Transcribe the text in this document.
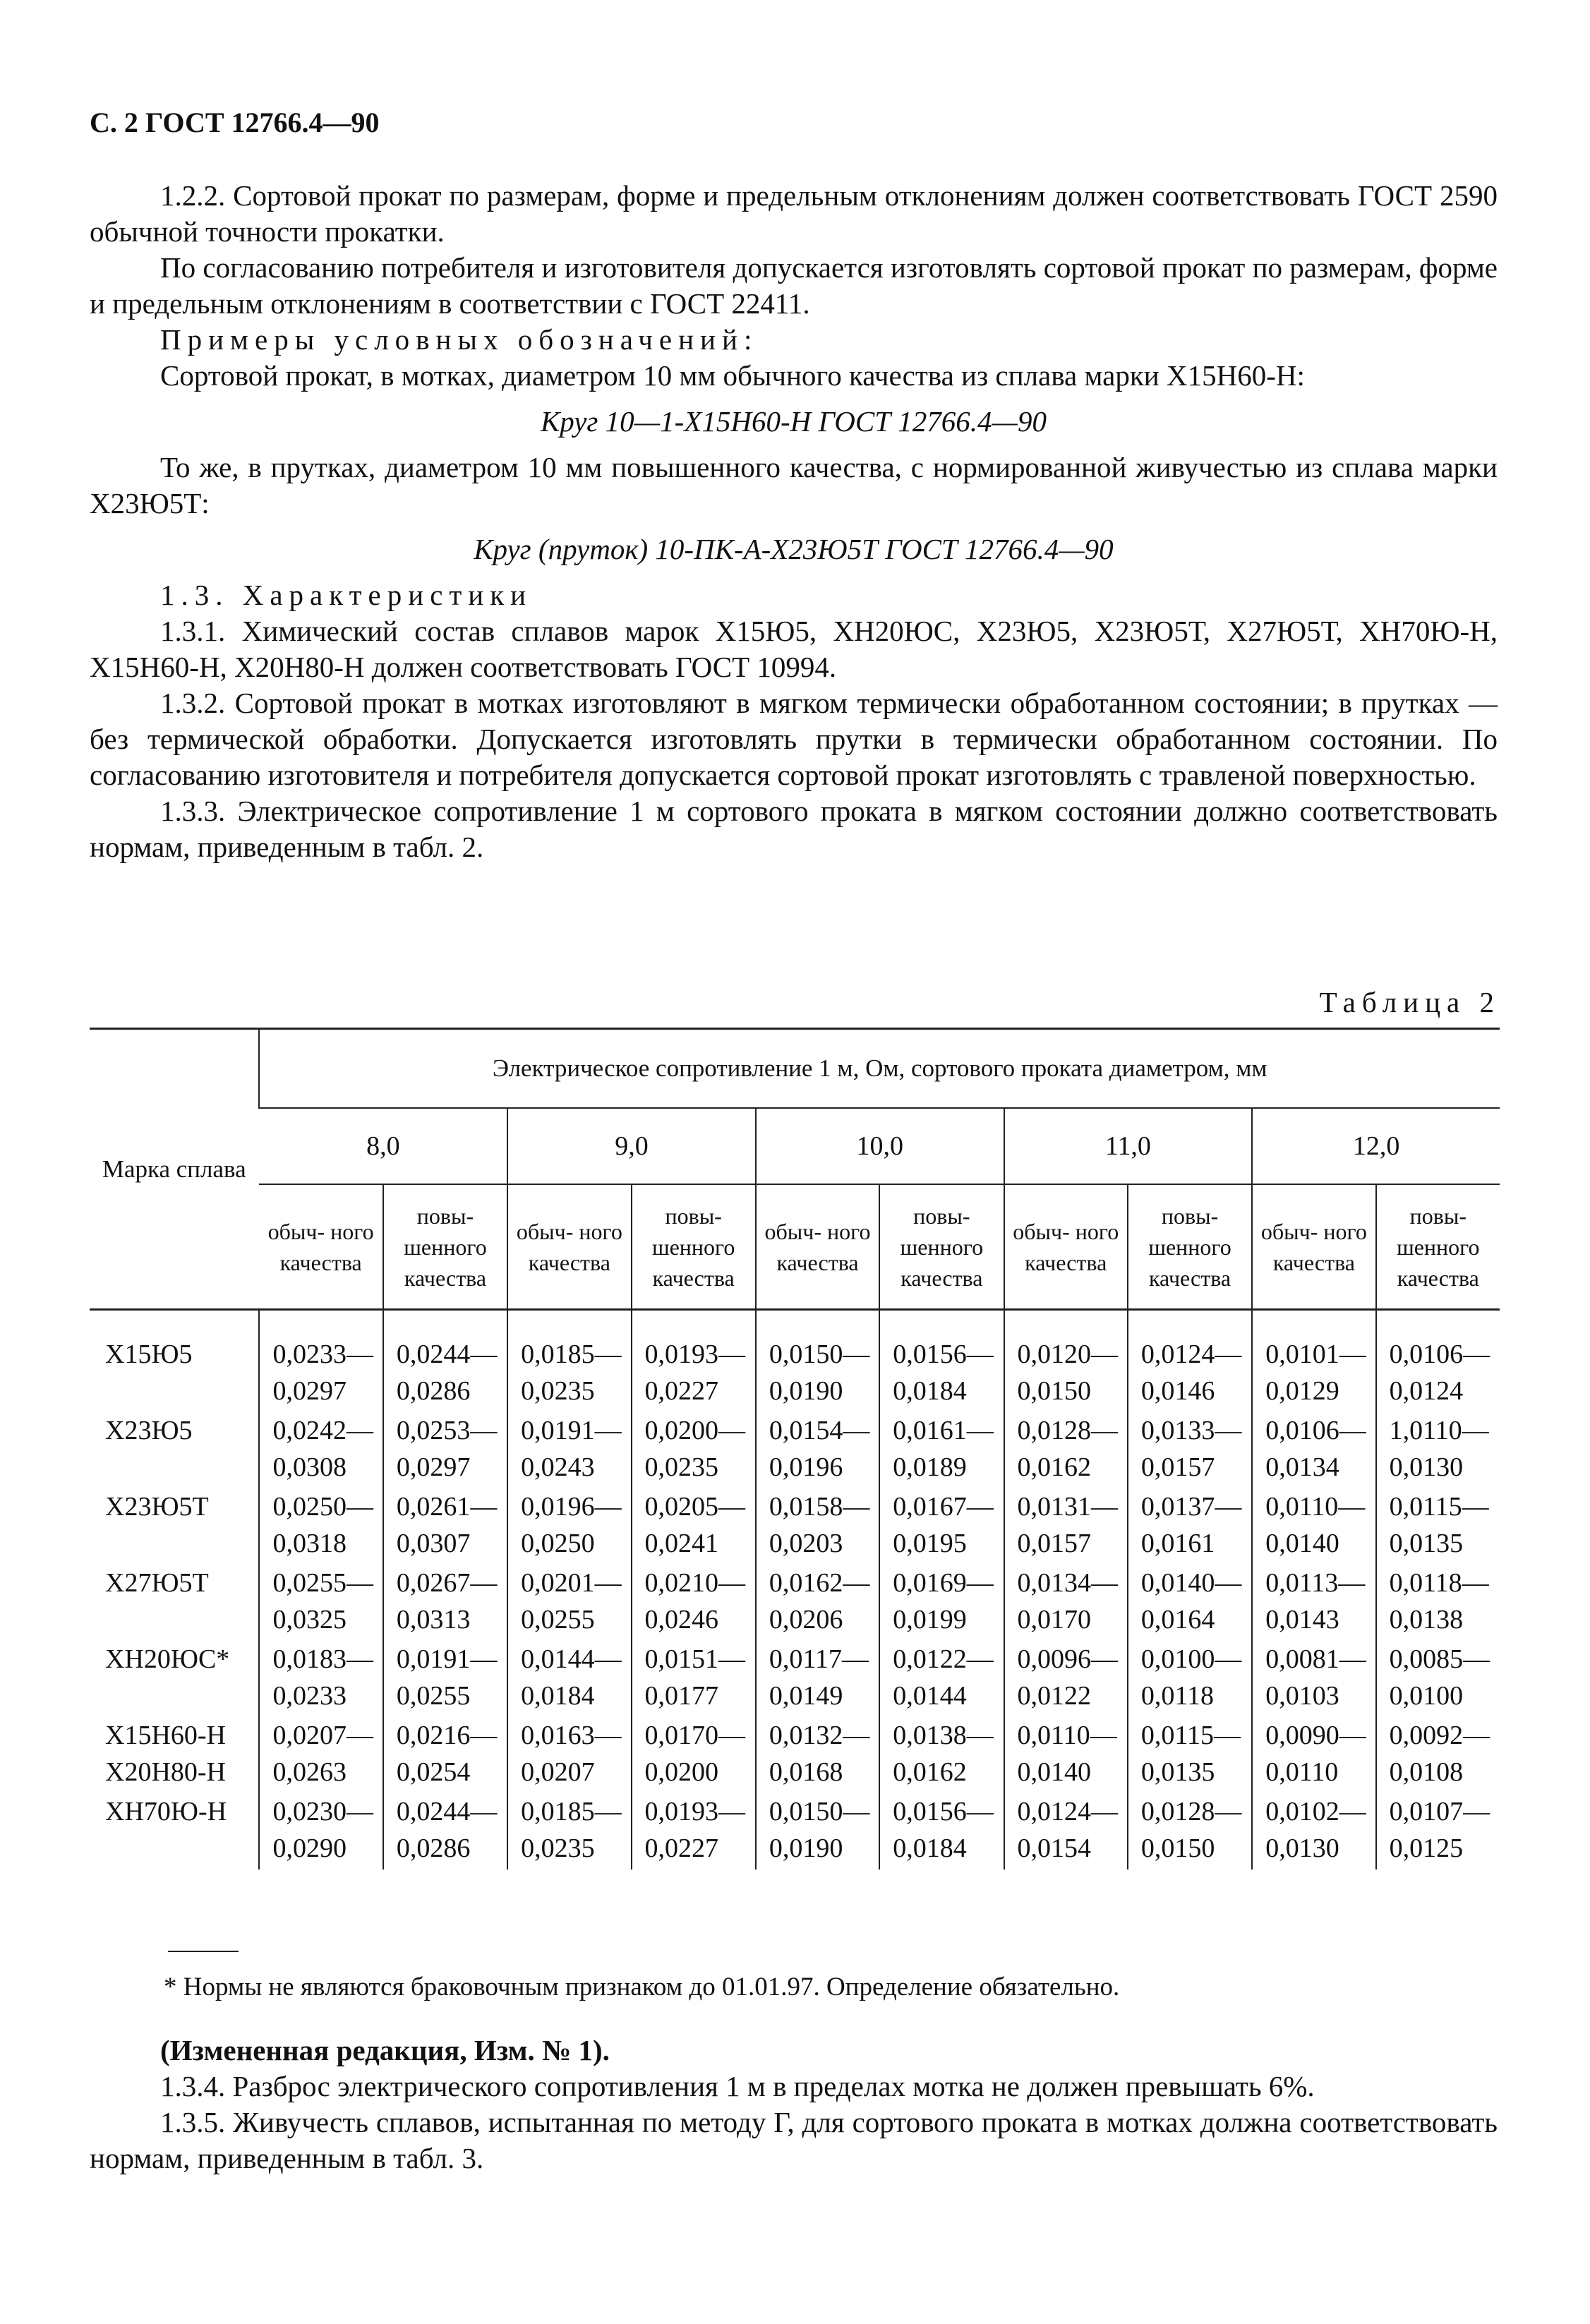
С. 2 ГОСТ 12766.4—90

1.2.2. Сортовой прокат по размерам, форме и предельным отклонениям должен соответствовать ГОСТ 2590 обычной точности прокатки.

По согласованию потребителя и изготовителя допускается изготовлять сортовой прокат по размерам, форме и предельным отклонениям в соответствии с ГОСТ 22411.

Примеры условных обозначений:

Сортовой прокат, в мотках, диаметром 10 мм обычного качества из сплава марки Х15Н60-Н:

Круг 10—1-Х15Н60-Н ГОСТ 12766.4—90

То же, в прутках, диаметром 10 мм повышенного качества, с нормированной живучестью из сплава марки Х23Ю5Т:

Круг (пруток) 10-ПК-А-Х23Ю5Т ГОСТ 12766.4—90

1.3. Характеристики

1.3.1. Химический состав сплавов марок Х15Ю5, ХН20ЮС, Х23Ю5, Х23Ю5Т, Х27Ю5Т, ХН70Ю-Н, Х15Н60-Н, Х20Н80-Н должен соответствовать ГОСТ 10994.

1.3.2. Сортовой прокат в мотках изготовляют в мягком термически обработанном состоянии; в прутках — без термической обработки. Допускается изготовлять прутки в термически обработанном состоянии. По согласованию изготовителя и потребителя допускается сортовой прокат изготовлять с травленой поверхностью.

1.3.3. Электрическое сопротивление 1 м сортового проката в мягком состоянии должно соответствовать нормам, приведенным в табл. 2.

Таблица 2
Марка сплава	Электрическое сопротивление 1 м, Ом, сортового проката диаметром, мм									
	8,0		9,0		10,0		11,0		12,0	
	обыч- ного качества	повы- шенного качества	обыч- ного качества	повы- шенного качества	обыч- ного качества	повы- шенного качества	обыч- ного качества	повы- шенного качества	обыч- ного качества	повы- шенного качества

Х15Ю5	0,0233— 0,0297	0,0244— 0,0286	0,0185— 0,0235	0,0193— 0,0227	0,0150— 0,0190	0,0156— 0,0184	0,0120— 0,0150	0,0124— 0,0146	0,0101— 0,0129	0,0106— 0,0124
Х23Ю5	0,0242— 0,0308	0,0253— 0,0297	0,0191— 0,0243	0,0200— 0,0235	0,0154— 0,0196	0,0161— 0,0189	0,0128— 0,0162	0,0133— 0,0157	0,0106— 0,0134	1,0110— 0,0130
Х23Ю5Т	0,0250— 0,0318	0,0261— 0,0307	0,0196— 0,0250	0,0205— 0,0241	0,0158— 0,0203	0,0167— 0,0195	0,0131— 0,0157	0,0137— 0,0161	0,0110— 0,0140	0,0115— 0,0135
Х27Ю5Т	0,0255— 0,0325	0,0267— 0,0313	0,0201— 0,0255	0,0210— 0,0246	0,0162— 0,0206	0,0169— 0,0199	0,0134— 0,0170	0,0140— 0,0164	0,0113— 0,0143	0,0118— 0,0138
ХН20ЮС*	0,0183— 0,0233	0,0191— 0,0255	0,0144— 0,0184	0,0151— 0,0177	0,0117— 0,0149	0,0122— 0,0144	0,0096— 0,0122	0,0100— 0,0118	0,0081— 0,0103	0,0085— 0,0100
Х15Н60-Н Х20Н80-Н	0,0207— 0,0263	0,0216— 0,0254	0,0163— 0,0207	0,0170— 0,0200	0,0132— 0,0168	0,0138— 0,0162	0,0110— 0,0140	0,0115— 0,0135	0,0090— 0,0110	0,0092— 0,0108
ХН70Ю-Н	0,0230— 0,0290	0,0244— 0,0286	0,0185— 0,0235	0,0193— 0,0227	0,0150— 0,0190	0,0156— 0,0184	0,0124— 0,0154	0,0128— 0,0150	0,0102— 0,0130	0,0107— 0,0125
* Нормы не являются браковочным признаком до 01.01.97. Определение обязательно.

(Измененная редакция, Изм. № 1).

1.3.4. Разброс электрического сопротивления 1 м в пределах мотка не должен превышать 6%.

1.3.5. Живучесть сплавов, испытанная по методу Г, для сортового проката в мотках должна соответствовать нормам, приведенным в табл. 3.
